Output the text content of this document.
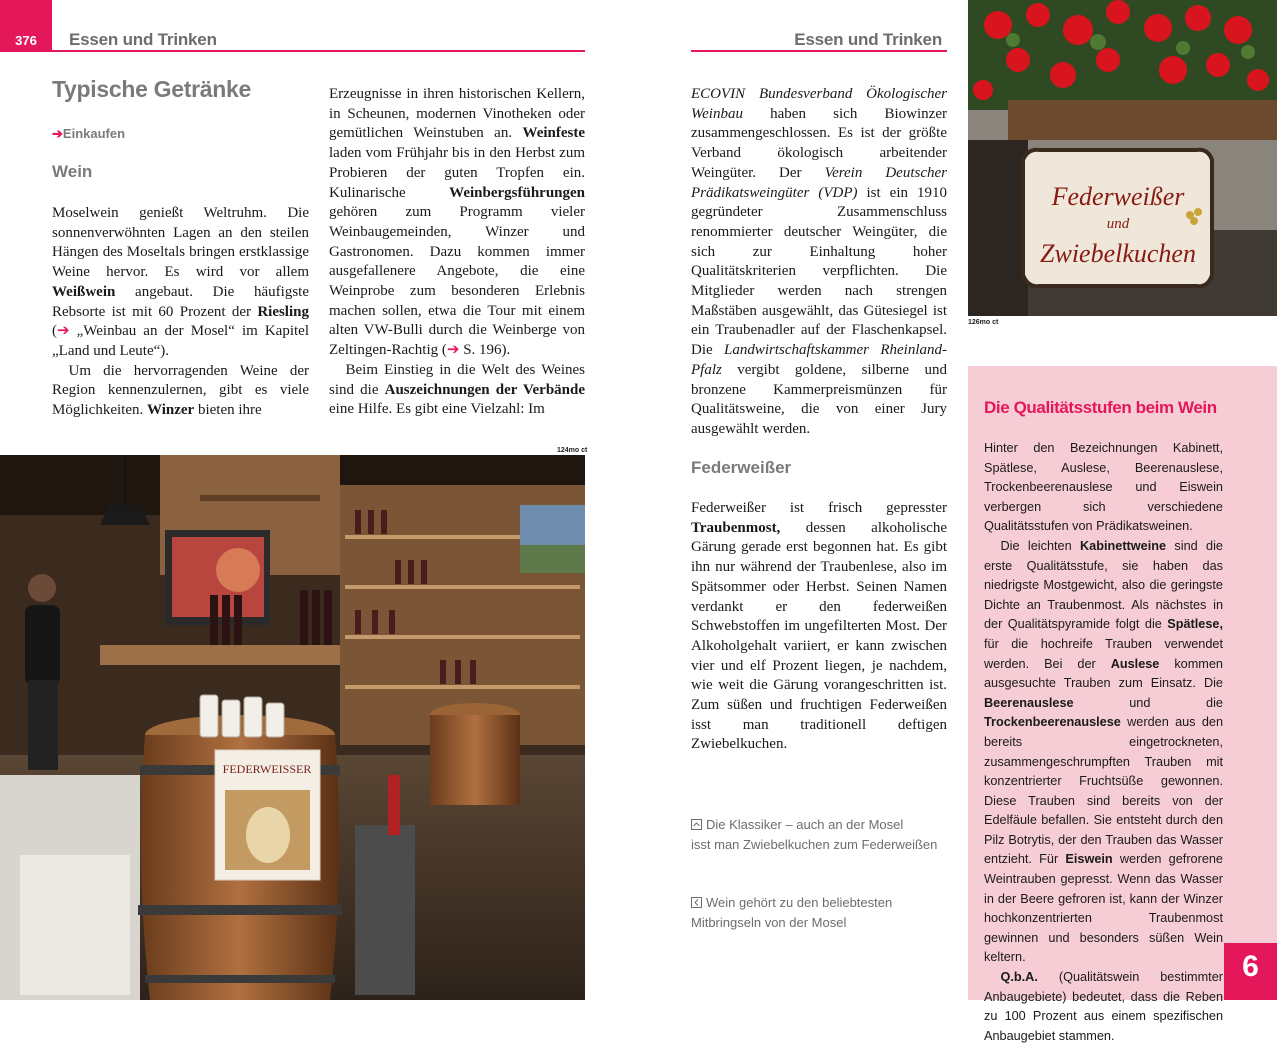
376	Essen und Trinken
Typische Getränke
➔Einkaufen
Wein

Moselwein genießt Weltruhm. Die sonnenverwöhnten Lagen an den steilen Hängen des Moseltals bringen erstklassige Weine hervor. Es wird vor allem Weißwein angebaut. Die häufigste Rebsorte ist mit 60 Prozent der Riesling (➔ „Weinbau an der Mosel“ im Kapitel „Land und Leute“).

Um die hervorragenden Weine der Region kennenzulernen, gibt es viele Möglichkeiten. Winzer bieten ihre

Erzeugnisse in ihren historischen Kellern, in Scheunen, modernen Vinotheken oder gemütlichen Weinstuben an. Weinfeste laden vom Frühjahr bis in den Herbst zum Probieren der guten Tropfen ein. Kulinarische Weinbergsführungen gehören zum Programm vieler Weinbaugemeinden, Winzer und Gastronomen. Dazu kommen immer ausgefallenere Angebote, die eine Weinprobe zum besonderen Erlebnis machen sollen, etwa die Tour mit einem alten VW-Bulli durch die Weinberge von Zeltingen-Rachtig (➔ S. 196).

Beim Einstieg in die Welt des Weines sind die Auszeichnungen der Verbände eine Hilfe. Es gibt eine Vielzahl: Im

124mo ct
FEDERWEISSER
Essen und Trinken

ECOVIN Bundesverband Ökologischer Weinbau haben sich Biowinzer zusammengeschlossen. Es ist der größte Verband ökologisch arbeitender Weingüter. Der Verein Deutscher Prädikatsweingüter (VDP) ist ein 1910 gegründeter Zusammenschluss renommierter deutscher Weingüter, die sich zur Einhaltung hoher Qualitätskriterien verpflichten. Die Mitglieder werden nach strengen Maßstäben ausgewählt, das Gütesiegel ist ein Traubenadler auf der Flaschenkapsel. Die Landwirtschaftskammer Rheinland-Pfalz vergibt goldene, silberne und bronzene Kammerpreismünzen für Qualitätsweine, die von einer Jury ausgewählt werden.

Federweißer

Federweißer ist frisch gepresster Traubenmost, dessen alkoholische Gärung gerade erst begonnen hat. Es gibt ihn nur während der Traubenlese, also im Spätsommer oder Herbst. Seinen Namen verdankt er den federweißen Schwebstoffen im ungefilterten Most. Der Alkoholgehalt variiert, er kann zwischen vier und elf Prozent liegen, je nachdem, wie weit die Gärung vorangeschritten ist. Zum süßen und fruchtigen Federweißen isst man traditionell deftigen Zwiebelkuchen.

Die Klassiker – auch an der Mosel
isst man Zwiebelkuchen zum Federweißen
Wein gehört zu den beliebtesten
Mitbringseln von der Mosel
Federweißer
und
Zwiebelkuchen
126mo ct
Die Qualitätsstufen beim Wein

Hinter den Bezeichnungen Kabinett, Spätlese, Auslese, Beerenauslese, Trockenbeerenauslese und Eiswein verbergen sich verschiedene Qualitätsstufen von Prädikatsweinen.

Die leichten Kabinettweine sind die erste Qualitätsstufe, sie haben das niedrigste Mostgewicht, also die geringste Dichte an Traubenmost. Als nächstes in der Qualitätspyramide folgt die Spätlese, für die hochreife Trauben verwendet werden. Bei der Auslese kommen ausgesuchte Trauben zum Einsatz. Die Beerenauslese und die Trockenbeerenauslese werden aus den bereits eingetrockneten, zusammengeschrumpften Trauben mit konzentrierter Fruchtsüße gewonnen. Diese Trauben sind bereits von der Edelfäule befallen. Sie entsteht durch den Pilz Botrytis, der den Trauben das Wasser entzieht. Für Eiswein werden gefrorene Weintrauben gepresst. Wenn das Wasser in der Beere gefroren ist, kann der Winzer hochkonzentrierten Traubenmost gewinnen und besonders süßen Wein keltern.

Q.b.A. (Qualitätswein bestimmter Anbaugebiete) bedeutet, dass die Reben zu 100 Prozent aus einem spezifischen Anbaugebiet stammen.

6
